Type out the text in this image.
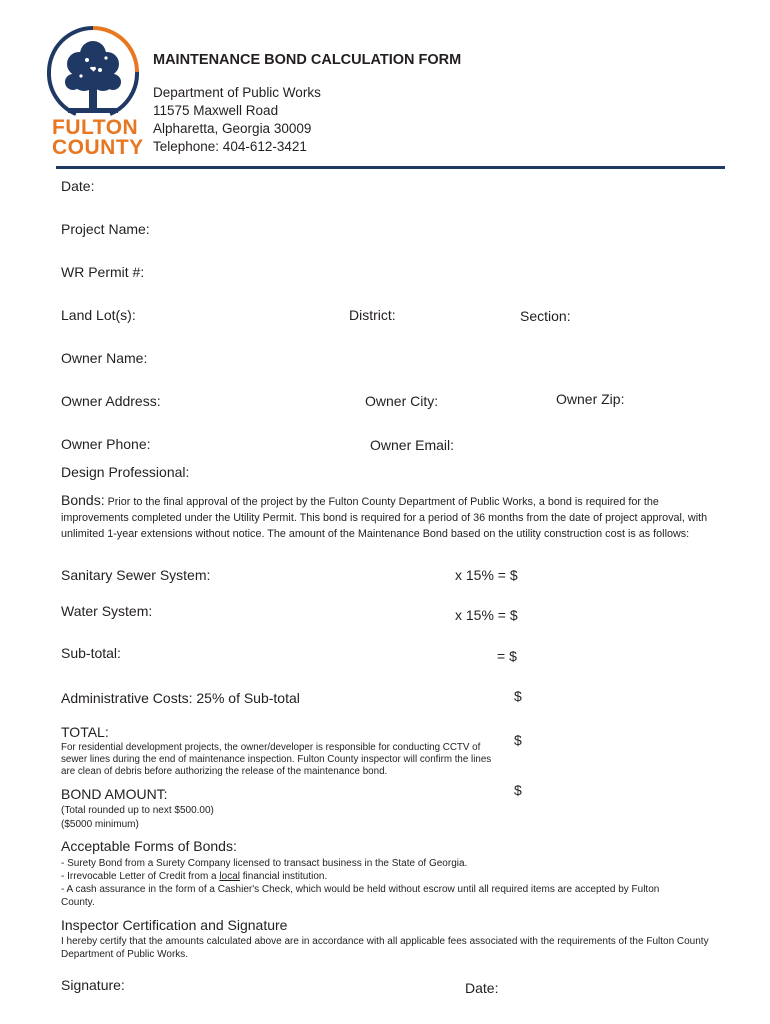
FULTON
COUNTY
MAINTENANCE BOND CALCULATION FORM
Department of Public Works
11575 Maxwell Road
Alpharetta, Georgia 30009
Telephone: 404-612-3421
Date:
Project Name:
WR Permit #:
Land Lot(s):	District:	Section:
Owner Name:
Owner Address:	Owner City:	Owner Zip:
Owner Phone:	Owner Email:
Design Professional:
Bonds: Prior to the final approval of the project by the Fulton County Department of Public Works, a bond is required for the improvements completed under the Utility Permit. This bond is required for a period of 36 months from the date of project approval, with unlimited 1-year extensions without notice. The amount of the Maintenance Bond based on the utility construction cost is as follows:
Sanitary Sewer System:	x 15% = $
Water System:	x 15% = $
Sub-total:	= $
Administrative Costs: 25% of Sub-total	$
TOTAL:	$
For residential development projects, the owner/developer is responsible for conducting CCTV of sewer lines during the end of maintenance inspection. Fulton County inspector will confirm the lines are clean of debris before authorizing the release of the maintenance bond.
BOND AMOUNT:	$
(Total rounded up to next $500.00)
($5000 minimum)
Acceptable Forms of Bonds:
- Surety Bond from a Surety Company licensed to transact business in the State of Georgia.
- Irrevocable Letter of Credit from a local financial institution.
- A cash assurance in the form of a Cashier's Check, which would be held without escrow until all required items are accepted by Fulton County.
Inspector Certification and Signature
I hereby certify that the amounts calculated above are in accordance with all applicable fees associated with the requirements of the Fulton County Department of Public Works.
Signature:	Date:
